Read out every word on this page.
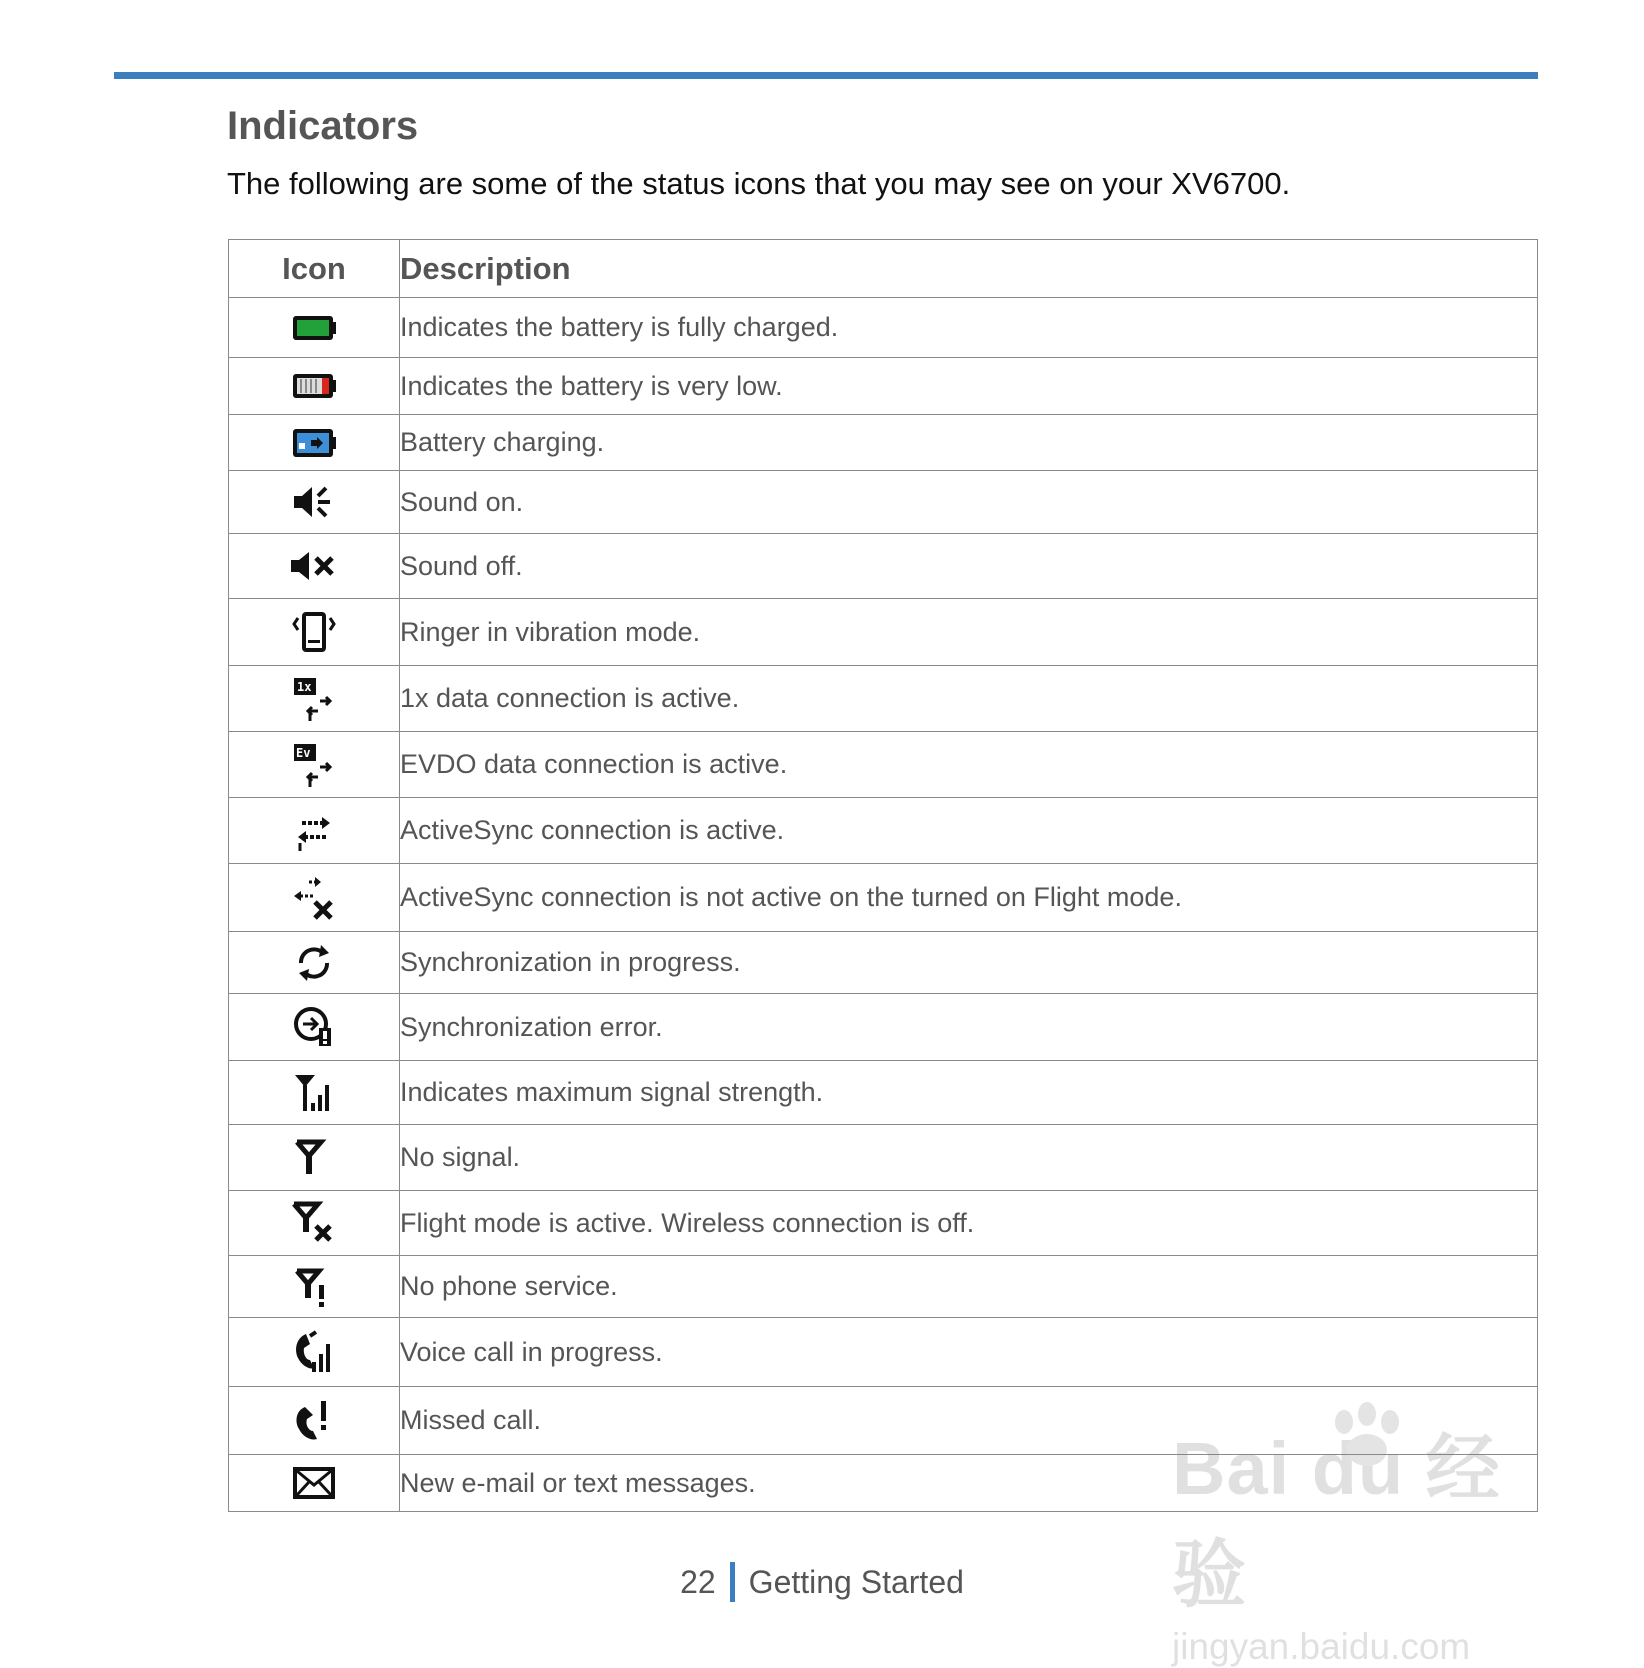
Indicators

The following are some of the status icons that you may see on your XV6700.

Icon	Description

	Indicates the battery is fully charged.

	Indicates the battery is very low.

	Battery charging.

	Sound on.

	Sound off.

	Ringer in vibration mode.

1x	1x data connection is active.

Ev	EVDO data connection is active.

	ActiveSync connection is active.

	ActiveSync connection is not active on the turned on Flight mode.

	Synchronization in progress.

	Synchronization error.

	Indicates maximum signal strength.

	No signal.

	Flight mode is active. Wireless connection is off.

	No phone service.

	Voice call in progress.

	Missed call.

	New e-mail or text messages.
22 Getting Started
Bai du 经验
jingyan.baidu.com
